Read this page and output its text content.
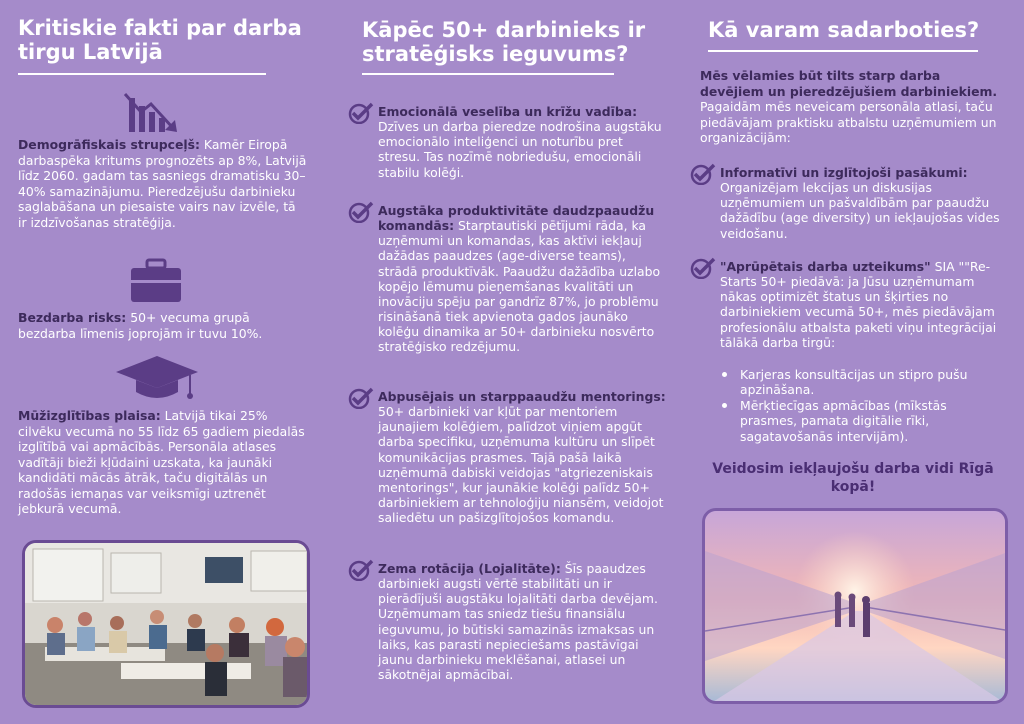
Kritiskie fakti par darba tirgu Latvijā
Demogrāfiskais strupceļš: Kamēr Eiropā darbaspēka kritums prognozēts ap 8%, Latvijā līdz 2060. gadam tas sasniegs dramatisku 30–40% samazinājumu. Pieredzējušu darbinieku saglabāšana un piesaiste vairs nav izvēle, tā ir izdzīvošanas stratēģija.
Bezdarba risks: 50+ vecuma grupā bezdarba līmenis joprojām ir tuvu 10%.
Mūžizglītības plaisa: Latvijā tikai 25% cilvēku vecumā no 55 līdz 65 gadiem piedalās izglītībā vai apmācībās. Personāla atlases vadītāji bieži kļūdaini uzskata, ka jaunāki kandidāti mācās ātrāk, taču digitālās un radošās iemaņas var veiksmīgi uztrenēt jebkurā vecumā.
Kāpēc 50+ darbinieks ir stratēģisks ieguvums?
Emocionālā veselība un krīžu vadība:
Dzīves un darba pieredze nodrošina augstāku emocionālo inteliģenci un noturību pret stresu. Tas nozīmē nobriedušu, emocionāli stabilu kolēģi.
Augstāka produktivitāte daudzpaaudžu komandās: Starptautiski pētījumi rāda, ka uzņēmumi un komandas, kas aktīvi iekļauj dažādas paaudzes (age-diverse teams), strādā produktīvāk. Paaudžu dažādība uzlabo kopējo lēmumu pieņemšanas kvalitāti un inovāciju spēju par gandrīz 87%, jo problēmu risināšanā tiek apvienota gados jaunāko kolēģu dinamika ar 50+ darbinieku nosvērto stratēģisko redzējumu.
Abpusējais un starppaaudžu mentorings: 50+ darbinieki var kļūt par mentoriem jaunajiem kolēģiem, palīdzot viņiem apgūt darba specifiku, uzņēmuma kultūru un slīpēt komunikācijas prasmes. Tajā pašā laikā uzņēmumā dabiski veidojas "atgriezeniskais mentorings", kur jaunākie kolēģi palīdz 50+ darbiniekiem ar tehnoloģiju niansēm, veidojot saliedētu un pašizglītojošos komandu.
Zema rotācija (Lojalitāte): Šīs paaudzes darbinieki augsti vērtē stabilitāti un ir pierādījuši augstāku lojalitāti darba devējam. Uzņēmumam tas sniedz tiešu finansiālu ieguvumu, jo būtiski samazinās izmaksas un laiks, kas parasti nepieciešams pastāvīgai jaunu darbinieku meklēšanai, atlasei un sākotnējai apmācībai.
Kā varam sadarboties?
Mēs vēlamies būt tilts starp darba devējiem un pieredzējušiem darbiniekiem. Pagaidām mēs neveicam personāla atlasi, taču piedāvājam praktisku atbalstu uzņēmumiem un organizācijām:
Informatīvi un izglītojoši pasākumi:
Organizējam lekcijas un diskusijas uzņēmumiem un pašvaldībām par paaudžu dažādību (age diversity) un iekļaujošas vides veidošanu.
"Aprūpētais darba uzteikums" SIA ""Re-Starts 50+ piedāvā: ja Jūsu uzņēmumam nākas optimizēt štatus un šķirties no darbiniekiem vecumā 50+, mēs piedāvājam profesionālu atbalsta paketi viņu integrācijai tālākā darba tirgū:
Karjeras konsultācijas un stipro pušu apzināšana.
Mērķtiecīgas apmācības (mīkstās prasmes, pamata digitālie rīki, sagatavošanās intervijām).
Veidosim iekļaujošu darba vidi Rīgā kopā!
